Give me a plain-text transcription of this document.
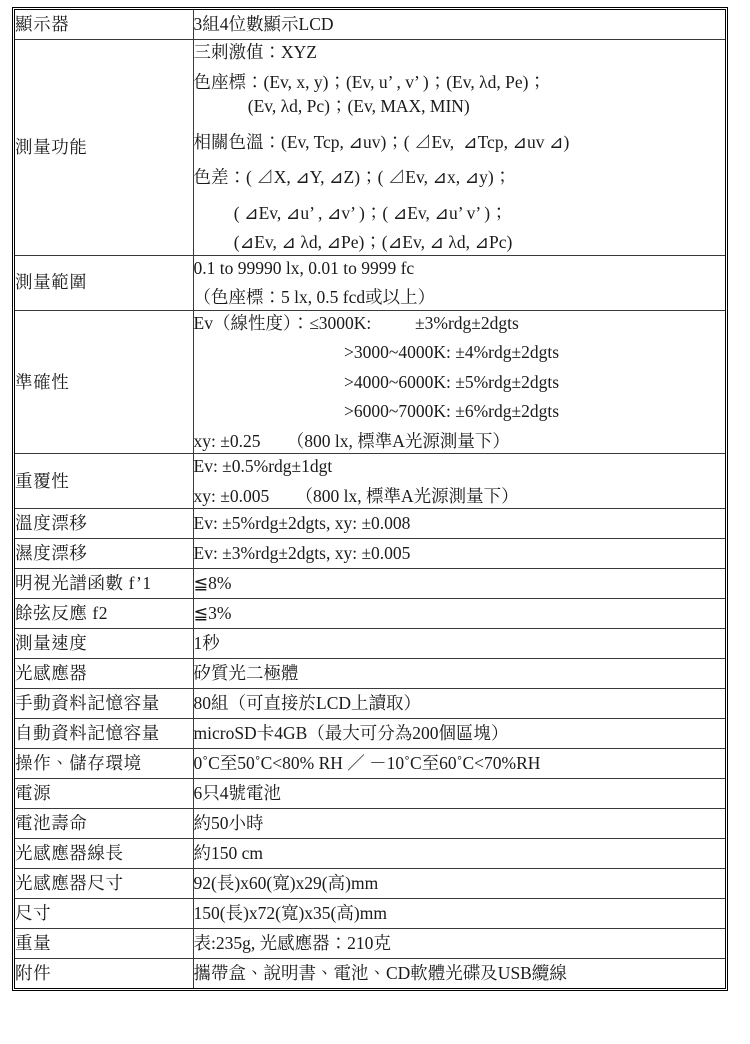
顯示器	3組4位數顯示LCD
測量功能	
三刺激值：XYZ
色座標：(Ev, x, y)；(Ev, u’ , v’ )；(Ev, λd, Pe)；
(Ev, λd, Pc)；(Ev, MAX, MIN)
相關色溫：(Ev, Tcp, ⊿uv)；( ⊿Ev,  ⊿Tcp, ⊿uv ⊿)
色差：( ⊿X, ⊿Y, ⊿Z)；( ⊿Ev, ⊿x, ⊿y)；
( ⊿Ev, ⊿u’ , ⊿v’ )；( ⊿Ev, ⊿u’ v’ )；
(⊿Ev, ⊿ λd, ⊿Pe)；(⊿Ev, ⊿ λd, ⊿Pc)

測量範圍	0.1 to 99990 lx, 0.01 to 9999 fc
（色座標：5 lx, 0.5 fcd或以上）

準確性	Ev（線性度）：≤3000K:          ±3%rdg±2dgts
>3000~4000K: ±4%rdg±2dgts
>4000~6000K: ±5%rdg±2dgts
>6000~7000K: ±6%rdg±2dgts
xy: ±0.25      （800 lx, 標準A光源測量下）

重覆性	Ev: ±0.5%rdg±1dgt
xy: ±0.005      （800 lx, 標準A光源測量下）

溫度漂移	Ev: ±5%rdg±2dgts, xy: ±0.008
濕度漂移	Ev: ±3%rdg±2dgts, xy: ±0.005
明視光譜函數 f’1	≦8%
餘弦反應 f2	≦3%
測量速度	1秒
光感應器	矽質光二極體
手動資料記憶容量	80組（可直接於LCD上讀取）
自動資料記憶容量	microSD卡4GB（最大可分為200個區塊）
操作、儲存環境	0˚C至50˚C<80% RH ／ －10˚C至60˚C<70%RH
電源	6只4號電池
電池壽命	約50小時
光感應器線長	約150 cm
光感應器尺寸	92(長)x60(寬)x29(高)mm
尺寸	150(長)x72(寬)x35(高)mm
重量	表:235g, 光感應器：210克
附件	攜帶盒、說明書、電池、CD軟體光碟及USB纜線
